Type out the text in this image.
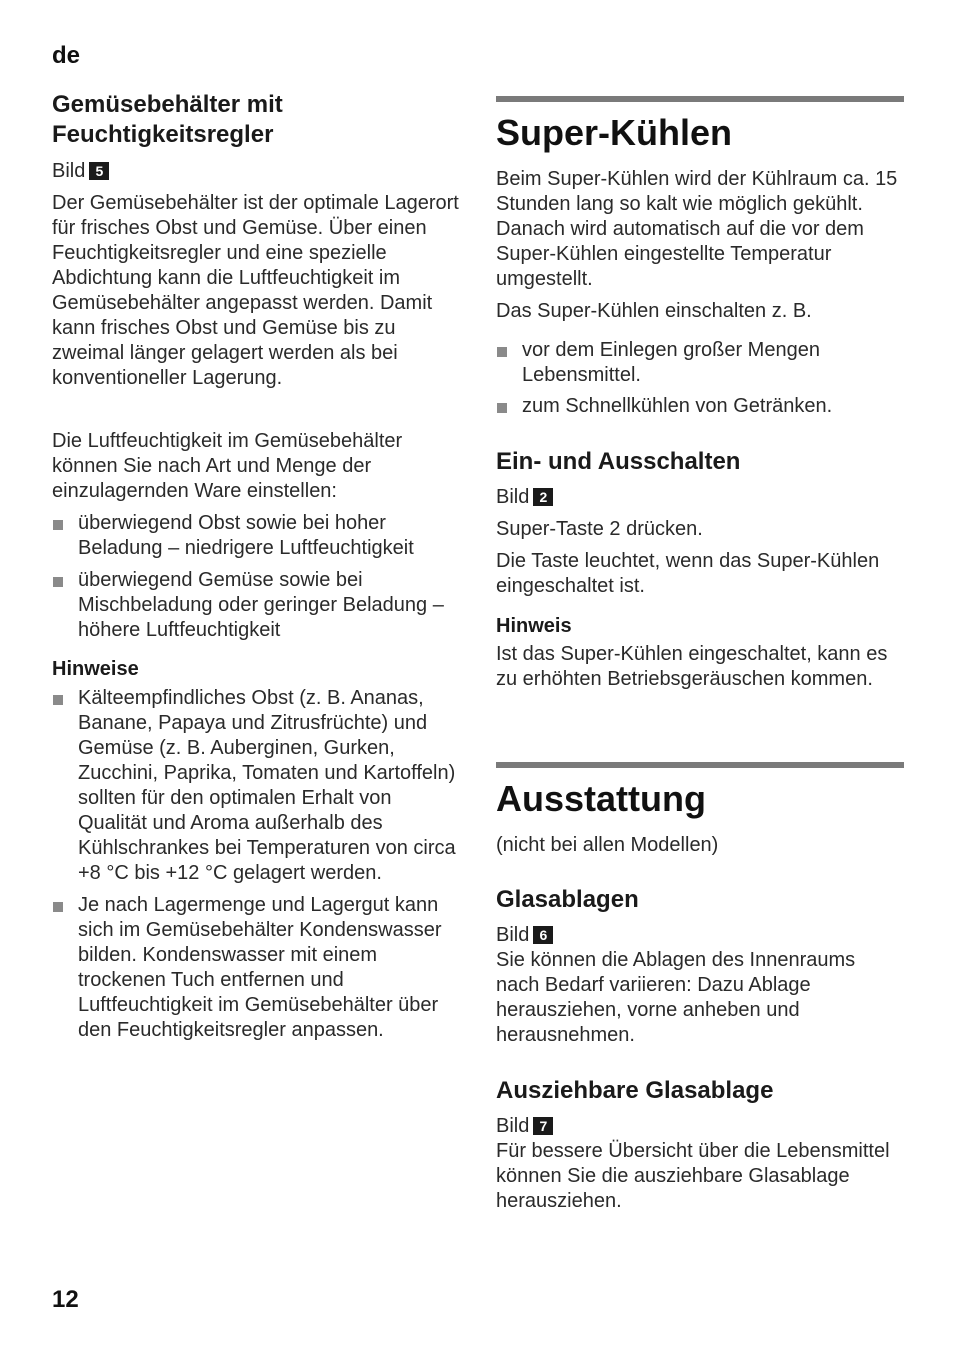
de
Gemüsebehälter mit Feuchtigkeitsregler

Bild 5

Der Gemüsebehälter ist der optimale Lagerort für frisches Obst und Gemüse. Über einen Feuchtigkeitsregler und eine spezielle Abdichtung kann die Luftfeuchtigkeit im Gemüsebehälter angepasst werden. Damit kann frisches Obst und Gemüse bis zu zweimal länger gelagert werden als bei konventioneller Lagerung.

Die Luftfeuchtigkeit im Gemüsebehälter können Sie nach Art und Menge der einzulagernden Ware einstellen:

überwiegend Obst sowie bei hoher Beladung – niedrigere Luftfeuchtigkeit
überwiegend Gemüse sowie bei Mischbeladung oder geringer Beladung – höhere Luftfeuchtigkeit
Hinweise
Kälteempfindliches Obst (z. B. Ananas, Banane, Papaya und Zitrusfrüchte) und Gemüse (z. B. Auberginen, Gurken, Zucchini, Paprika, Tomaten und Kartoffeln) sollten für den optimalen Erhalt von Qualität und Aroma außerhalb des Kühlschrankes bei Temperaturen von circa +8 °C bis +12 °C gelagert werden.
Je nach Lagermenge und Lagergut kann sich im Gemüsebehälter Kondenswasser bilden. Kondenswasser mit einem trockenen Tuch entfernen und Luftfeuchtigkeit im Gemüsebehälter über den Feuchtigkeitsregler anpassen.
Super-Kühlen

Beim Super-Kühlen wird der Kühlraum ca. 15 Stunden lang so kalt wie möglich gekühlt. Danach wird automatisch auf die vor dem Super-Kühlen eingestellte Temperatur umgestellt.

Das Super-Kühlen einschalten z. B.

vor dem Einlegen großer Mengen Lebensmittel.
zum Schnellkühlen von Getränken.
Ein- und Ausschalten

Bild 2

Super-Taste 2 drücken.

Die Taste leuchtet, wenn das Super-Kühlen eingeschaltet ist.

Hinweis

Ist das Super-Kühlen eingeschaltet, kann es zu erhöhten Betriebsgeräuschen kommen.

Ausstattung

(nicht bei allen Modellen)

Glasablagen

Bild 6

Sie können die Ablagen des Innenraums nach Bedarf variieren: Dazu Ablage herausziehen, vorne anheben und herausnehmen.

Ausziehbare Glasablage

Bild 7

Für bessere Übersicht über die Lebensmittel können Sie die ausziehbare Glasablage herausziehen.

12
